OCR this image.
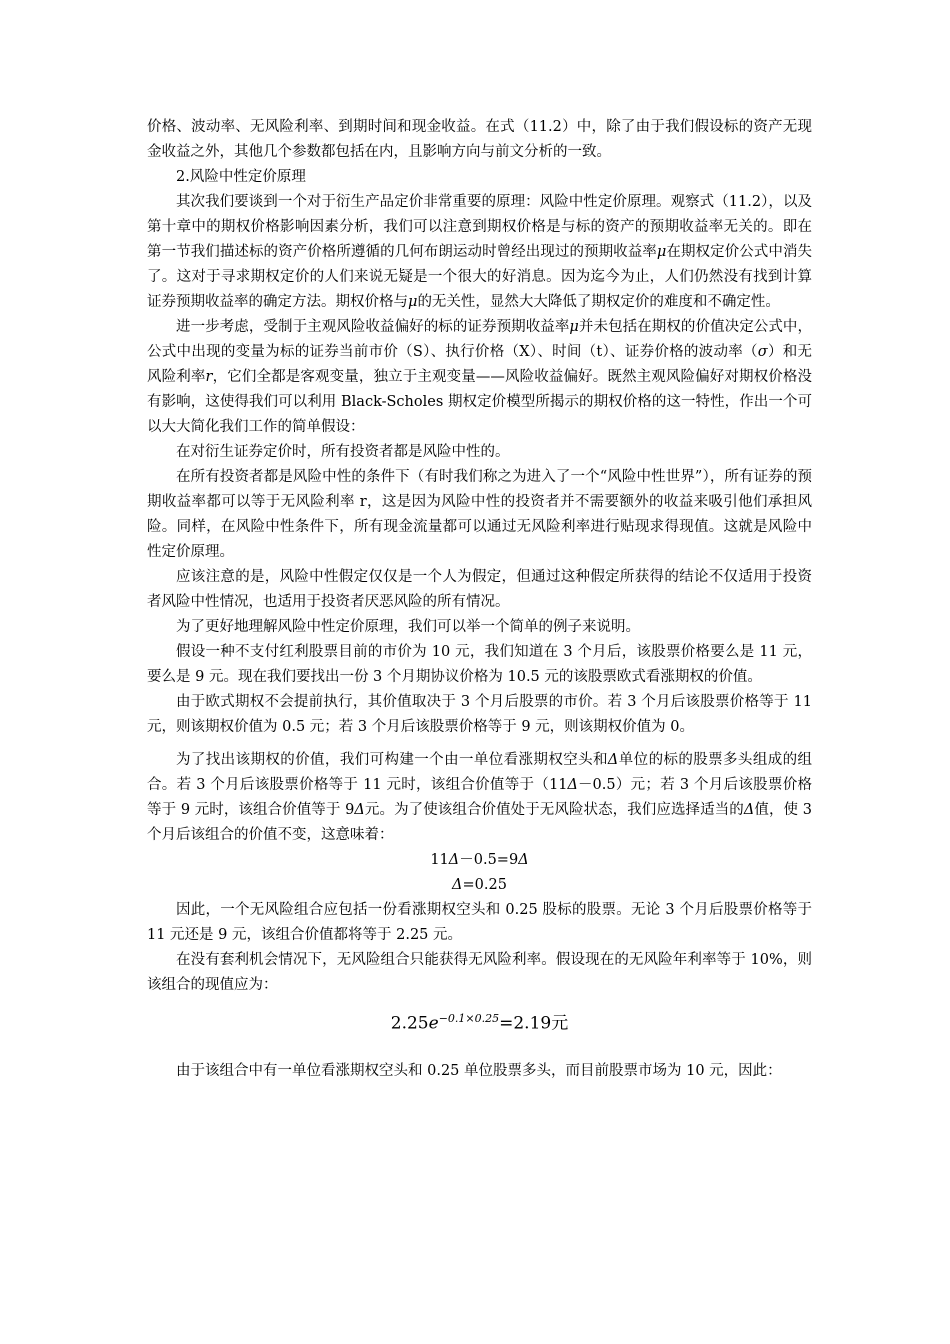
价格、波动率、无风险利率、到期时间和现金收益。在式（11.2）中，除了由于我们假设标的资产无现金收益之外，其他几个参数都包括在内，且影响方向与前文分析的一致。

2.风险中性定价原理

其次我们要谈到一个对于衍生产品定价非常重要的原理：风险中性定价原理。观察式（11.2），以及第十章中的期权价格影响因素分析，我们可以注意到期权价格是与标的资产的预期收益率无关的。即在第一节我们描述标的资产价格所遵循的几何布朗运动时曾经出现过的预期收益率μ在期权定价公式中消失了。这对于寻求期权定价的人们来说无疑是一个很大的好消息。因为迄今为止，人们仍然没有找到计算证券预期收益率的确定方法。期权价格与μ的无关性，显然大大降低了期权定价的难度和不确定性。

进一步考虑，受制于主观风险收益偏好的标的证券预期收益率μ并未包括在期权的价值决定公式中，公式中出现的变量为标的证券当前市价（S）、执行价格（X）、时间（t）、证券价格的波动率（σ）和无风险利率r，它们全都是客观变量，独立于主观变量——风险收益偏好。既然主观风险偏好对期权价格没有影响，这使得我们可以利用 Black-Scholes 期权定价模型所揭示的期权价格的这一特性，作出一个可以大大简化我们工作的简单假设：

在对衍生证券定价时，所有投资者都是风险中性的。

在所有投资者都是风险中性的条件下（有时我们称之为进入了一个“风险中性世界”），所有证券的预期收益率都可以等于无风险利率 r，这是因为风险中性的投资者并不需要额外的收益来吸引他们承担风险。同样，在风险中性条件下，所有现金流量都可以通过无风险利率进行贴现求得现值。这就是风险中性定价原理。

应该注意的是，风险中性假定仅仅是一个人为假定，但通过这种假定所获得的结论不仅适用于投资者风险中性情况，也适用于投资者厌恶风险的所有情况。

为了更好地理解风险中性定价原理，我们可以举一个简单的例子来说明。

假设一种不支付红利股票目前的市价为 10 元，我们知道在 3 个月后，该股票价格要么是 11 元，要么是 9 元。现在我们要找出一份 3 个月期协议价格为 10.5 元的该股票欧式看涨期权的价值。

由于欧式期权不会提前执行，其价值取决于 3 个月后股票的市价。若 3 个月后该股票价格等于 11 元，则该期权价值为 0.5 元；若 3 个月后该股票价格等于 9 元，则该期权价值为 0。

为了找出该期权的价值，我们可构建一个由一单位看涨期权空头和Δ单位的标的股票多头组成的组合。若 3 个月后该股票价格等于 11 元时，该组合价值等于（11Δ－0.5）元；若 3 个月后该股票价格等于 9 元时，该组合价值等于 9Δ元。为了使该组合价值处于无风险状态，我们应选择适当的Δ值，使 3 个月后该组合的价值不变，这意味着：

11Δ－0.5=9Δ

Δ=0.25

因此，一个无风险组合应包括一份看涨期权空头和 0.25 股标的股票。无论 3 个月后股票价格等于 11 元还是 9 元，该组合价值都将等于 2.25 元。

在没有套利机会情况下，无风险组合只能获得无风险利率。假设现在的无风险年利率等于 10%，则该组合的现值应为：

$2.25e^{-0.1\times 0.25}=2.19$元

由于该组合中有一单位看涨期权空头和 0.25 单位股票多头，而目前股票市场为 10 元，因此：
